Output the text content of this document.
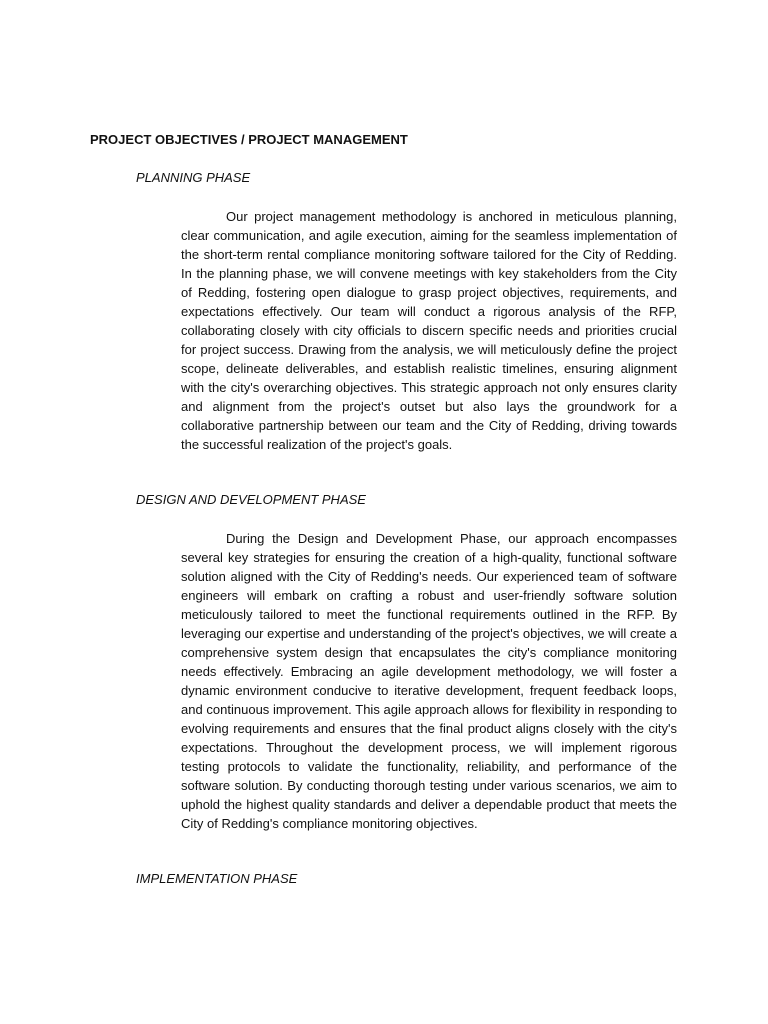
PROJECT OBJECTIVES / PROJECT MANAGEMENT
PLANNING PHASE

Our project management methodology is anchored in meticulous planning, clear communication, and agile execution, aiming for the seamless implementation of the short-term rental compliance monitoring software tailored for the City of Redding. In the planning phase, we will convene meetings with key stakeholders from the City of Redding, fostering open dialogue to grasp project objectives, requirements, and expectations effectively. Our team will conduct a rigorous analysis of the RFP, collaborating closely with city officials to discern specific needs and priorities crucial for project success. Drawing from the analysis, we will meticulously define the project scope, delineate deliverables, and establish realistic timelines, ensuring alignment with the city's overarching objectives. This strategic approach not only ensures clarity and alignment from the project's outset but also lays the groundwork for a collaborative partnership between our team and the City of Redding, driving towards the successful realization of the project's goals.

DESIGN AND DEVELOPMENT PHASE

During the Design and Development Phase, our approach encompasses several key strategies for ensuring the creation of a high-quality, functional software solution aligned with the City of Redding's needs. Our experienced team of software engineers will embark on crafting a robust and user-friendly software solution meticulously tailored to meet the functional requirements outlined in the RFP. By leveraging our expertise and understanding of the project's objectives, we will create a comprehensive system design that encapsulates the city's compliance monitoring needs effectively. Embracing an agile development methodology, we will foster a dynamic environment conducive to iterative development, frequent feedback loops, and continuous improvement. This agile approach allows for flexibility in responding to evolving requirements and ensures that the final product aligns closely with the city's expectations. Throughout the development process, we will implement rigorous testing protocols to validate the functionality, reliability, and performance of the software solution. By conducting thorough testing under various scenarios, we aim to uphold the highest quality standards and deliver a dependable product that meets the City of Redding's compliance monitoring objectives.

IMPLEMENTATION PHASE
